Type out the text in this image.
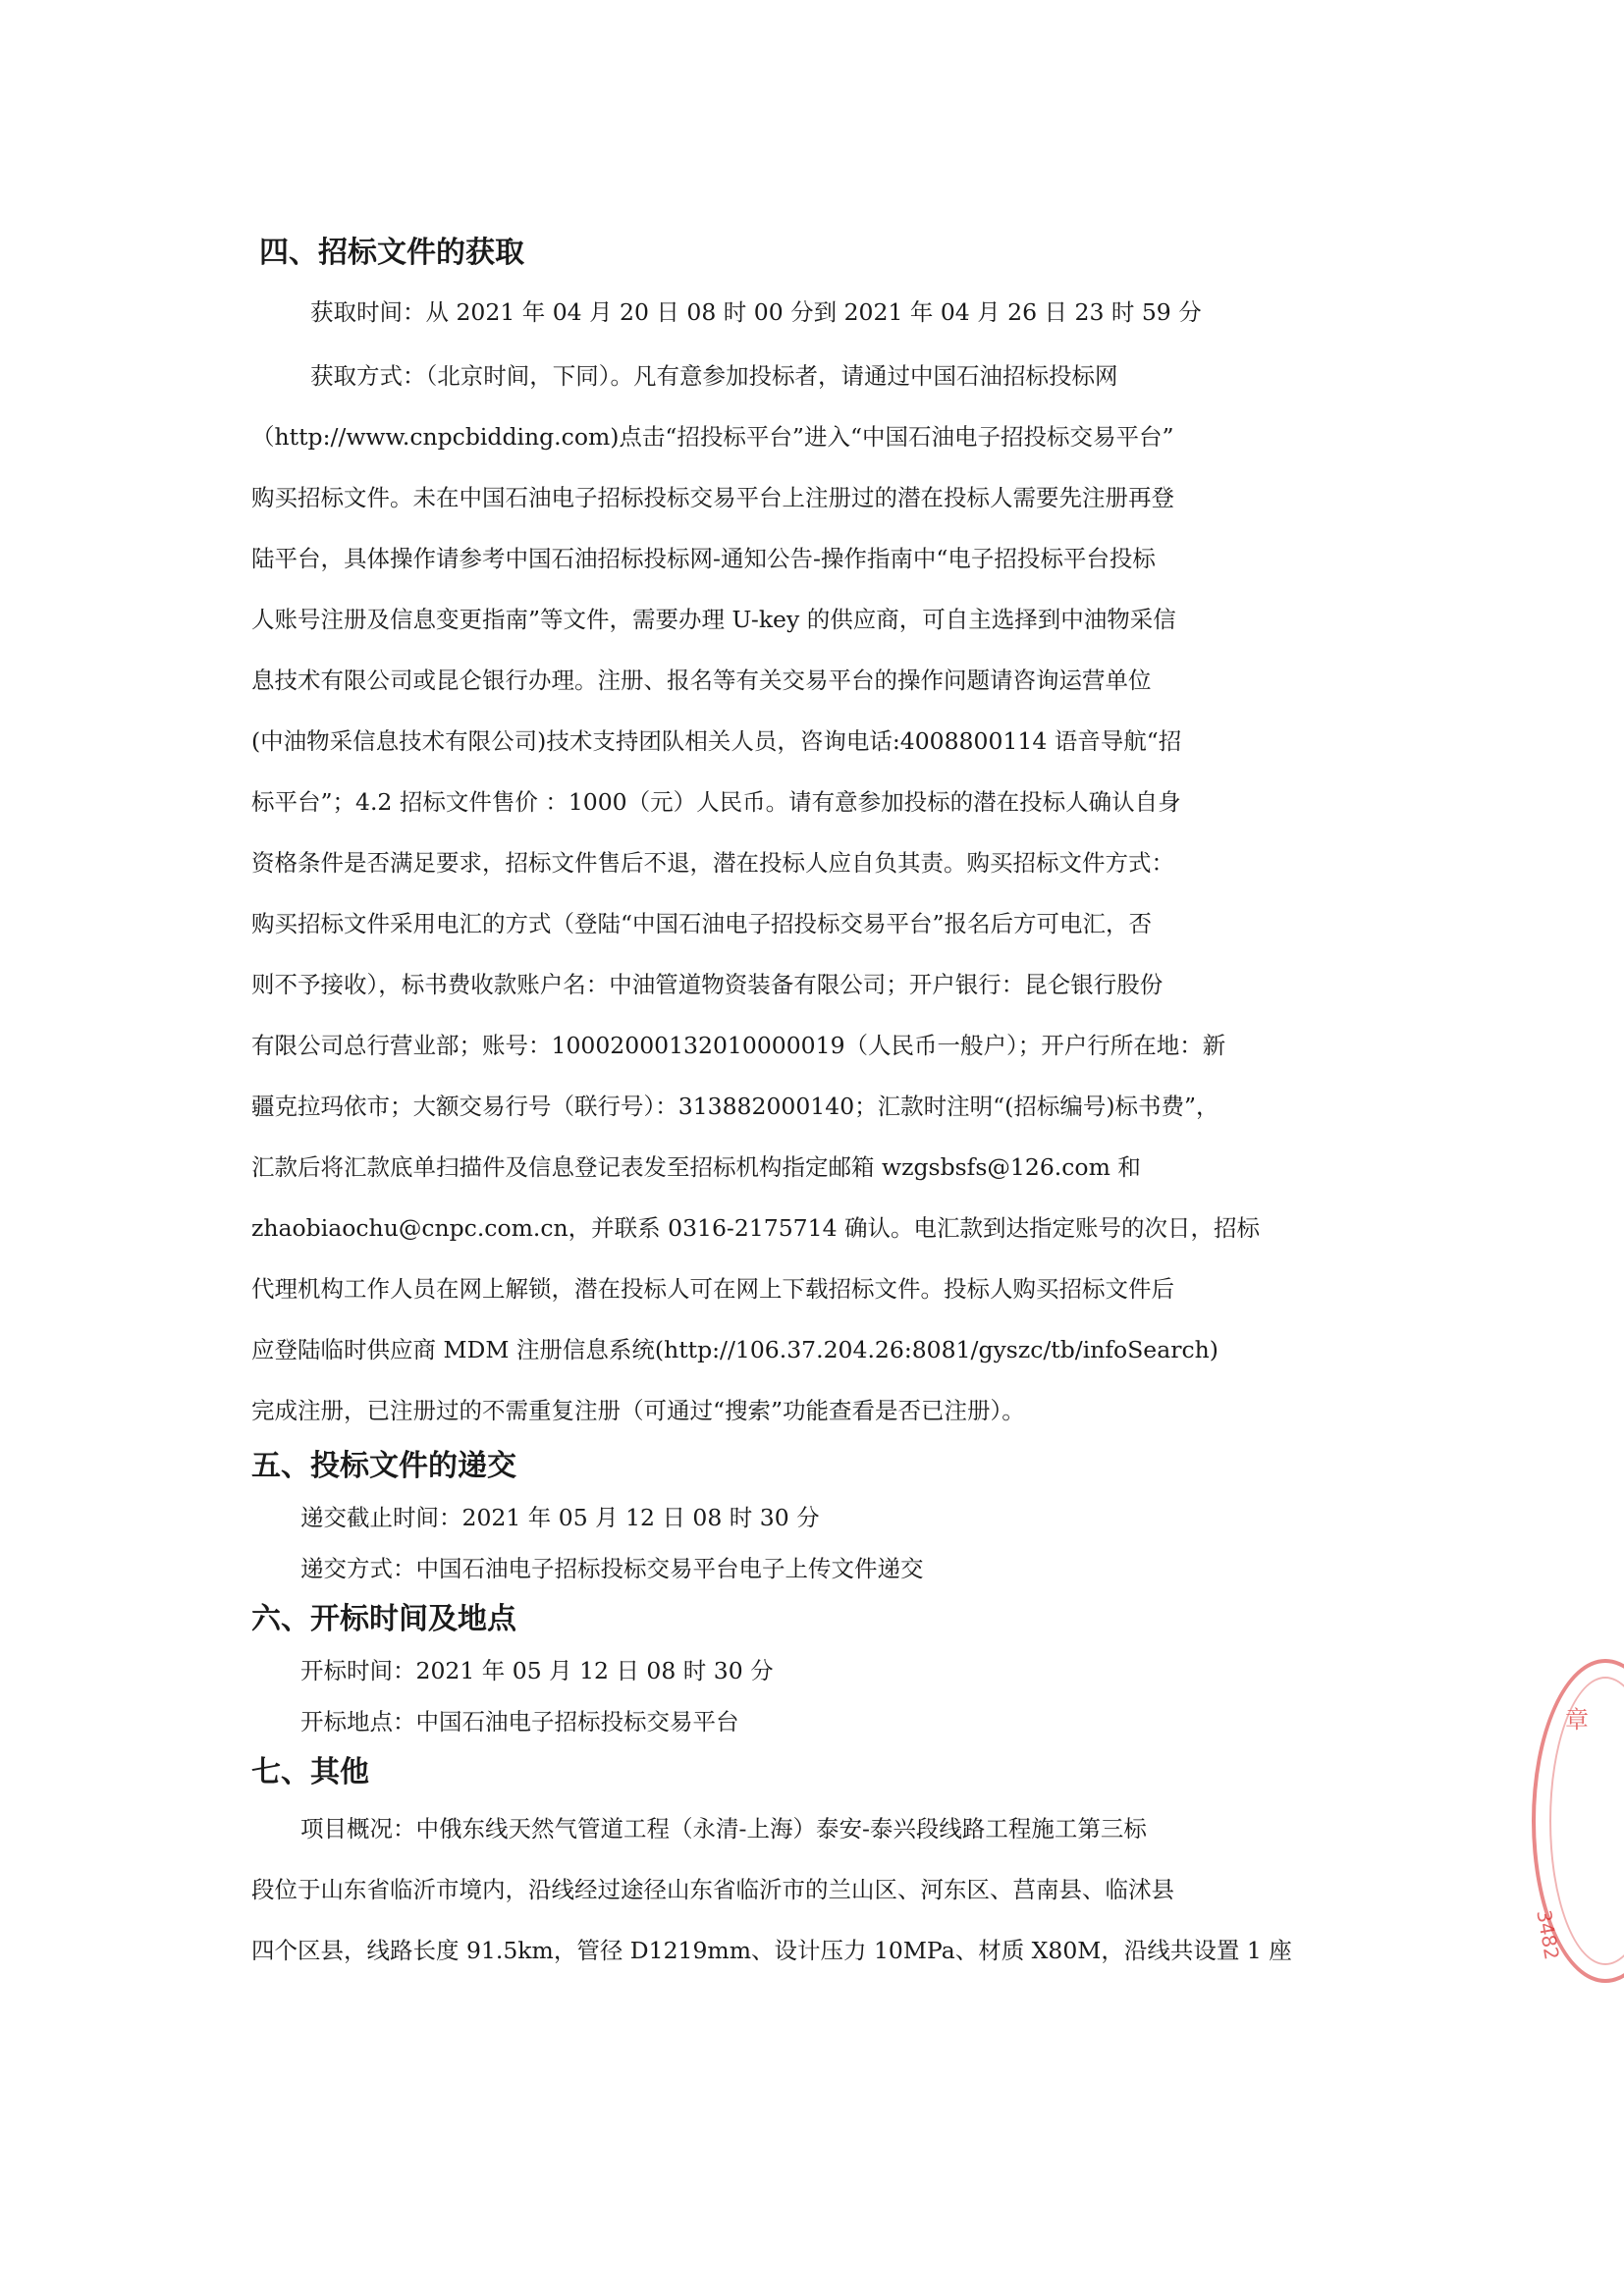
四、招标文件的获取

获取时间：从 2021 年 04 月 20 日 08 时 00 分到 2021 年 04 月 26 日 23 时 59 分

获取方式：（北京时间，下同）。凡有意参加投标者，请通过中国石油招标投标网

（http://www.cnpcbidding.com)点击“招投标平台”进入“中国石油电子招投标交易平台”

购买招标文件。未在中国石油电子招标投标交易平台上注册过的潜在投标人需要先注册再登

陆平台，具体操作请参考中国石油招标投标网-通知公告-操作指南中“电子招投标平台投标

人账号注册及信息变更指南”等文件，需要办理 U-key 的供应商，可自主选择到中油物采信

息技术有限公司或昆仑银行办理。注册、报名等有关交易平台的操作问题请咨询运营单位

(中油物采信息技术有限公司)技术支持团队相关人员，咨询电话:4008800114 语音导航“招

标平台”；4.2 招标文件售价 ：1000（元）人民币。请有意参加投标的潜在投标人确认自身

资格条件是否满足要求，招标文件售后不退，潜在投标人应自负其责。购买招标文件方式：

购买招标文件采用电汇的方式（登陆“中国石油电子招投标交易平台”报名后方可电汇，否

则不予接收），标书费收款账户名：中油管道物资装备有限公司；开户银行：昆仑银行股份

有限公司总行营业部；账号：10002000132010000019（人民币一般户）；开户行所在地：新

疆克拉玛依市；大额交易行号（联行号）：313882000140；汇款时注明“(招标编号)标书费”，

汇款后将汇款底单扫描件及信息登记表发至招标机构指定邮箱 wzgsbsfs@126.com 和

zhaobiaochu@cnpc.com.cn，并联系 0316-2175714 确认。电汇款到达指定账号的次日，招标

代理机构工作人员在网上解锁，潜在投标人可在网上下载招标文件。投标人购买招标文件后

应登陆临时供应商 MDM 注册信息系统(http://106.37.204.26:8081/gyszc/tb/infoSearch)

完成注册，已注册过的不需重复注册（可通过“搜索”功能查看是否已注册）。

五、投标文件的递交

递交截止时间：2021 年 05 月 12 日 08 时 30 分

递交方式：中国石油电子招标投标交易平台电子上传文件递交

六、开标时间及地点

开标时间：2021 年 05 月 12 日 08 时 30 分

开标地点：中国石油电子招标投标交易平台

七、其他

项目概况：中俄东线天然气管道工程（永清-上海）泰安-泰兴段线路工程施工第三标

段位于山东省临沂市境内，沿线经过途径山东省临沂市的兰山区、河东区、莒南县、临沭县

四个区县，线路长度 91.5km，管径 D1219mm、设计压力 10MPa、材质 X80M，沿线共设置 1 座

章
3482
